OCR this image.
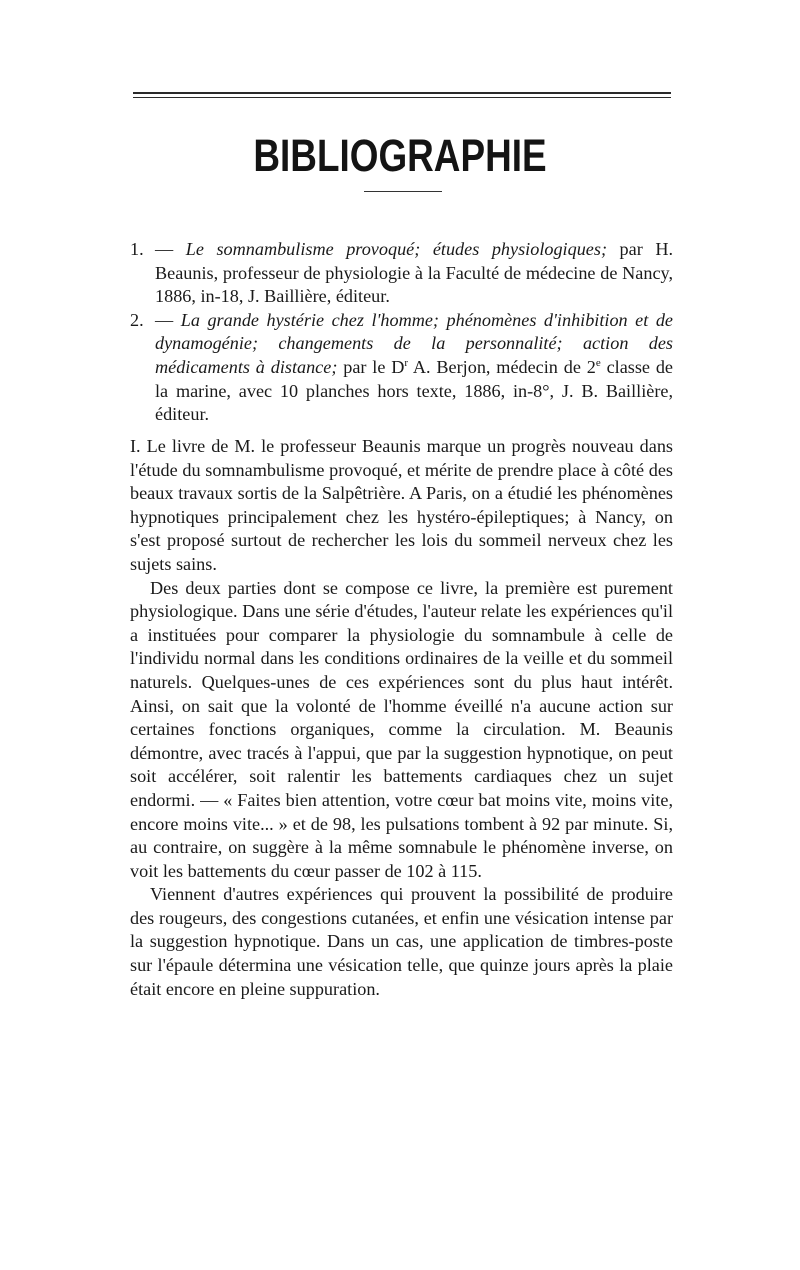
BIBLIOGRAPHIE

1. — Le somnambulisme provoqué; études physiologiques; par H. Beaunis, professeur de physiologie à la Faculté de médecine de Nancy, 1886, in-18, J. Baillière, éditeur.

2. — La grande hystérie chez l'homme; phénomènes d'inhibition et de dynamogénie; changements de la personnalité; action des médicaments à distance; par le $D^r$ A. Berjon, médecin de 2e classe de la marine, avec 10 planches hors texte, 1886, in-8°, J. B. Baillière, éditeur.

I. Le livre de M. le professeur Beaunis marque un progrès nouveau dans l'étude du somnambulisme provoqué, et mérite de prendre place à côté des beaux travaux sortis de la Salpêtrière. A Paris, on a étudié les phénomènes hypnotiques principalement chez les hystéro-épileptiques; à Nancy, on s'est proposé surtout de rechercher les lois du sommeil nerveux chez les sujets sains.

Des deux parties dont se compose ce livre, la première est purement physiologique. Dans une série d'études, l'auteur relate les expériences qu'il a instituées pour comparer la physiologie du somnambule à celle de l'individu normal dans les conditions ordinaires de la veille et du sommeil naturels. Quelques-unes de ces expériences sont du plus haut intérêt. Ainsi, on sait que la volonté de l'homme éveillé n'a aucune action sur certaines fonctions organiques, comme la circulation. M. Beaunis démontre, avec tracés à l'appui, que par la suggestion hypnotique, on peut soit accélérer, soit ralentir les battements cardiaques chez un sujet endormi. — « Faites bien attention, votre cœur bat moins vite, moins vite, encore moins vite... » et de 98, les pulsations tombent à 92 par minute. Si, au contraire, on suggère à la même somnabule le phénomène inverse, on voit les battements du cœur passer de 102 à 115.

Viennent d'autres expériences qui prouvent la possibilité de produire des rougeurs, des congestions cutanées, et enfin une vésication intense par la suggestion hypnotique. Dans un cas, une application de timbres-poste sur l'épaule détermina une vésication telle, que quinze jours après la plaie était encore en pleine suppuration.
